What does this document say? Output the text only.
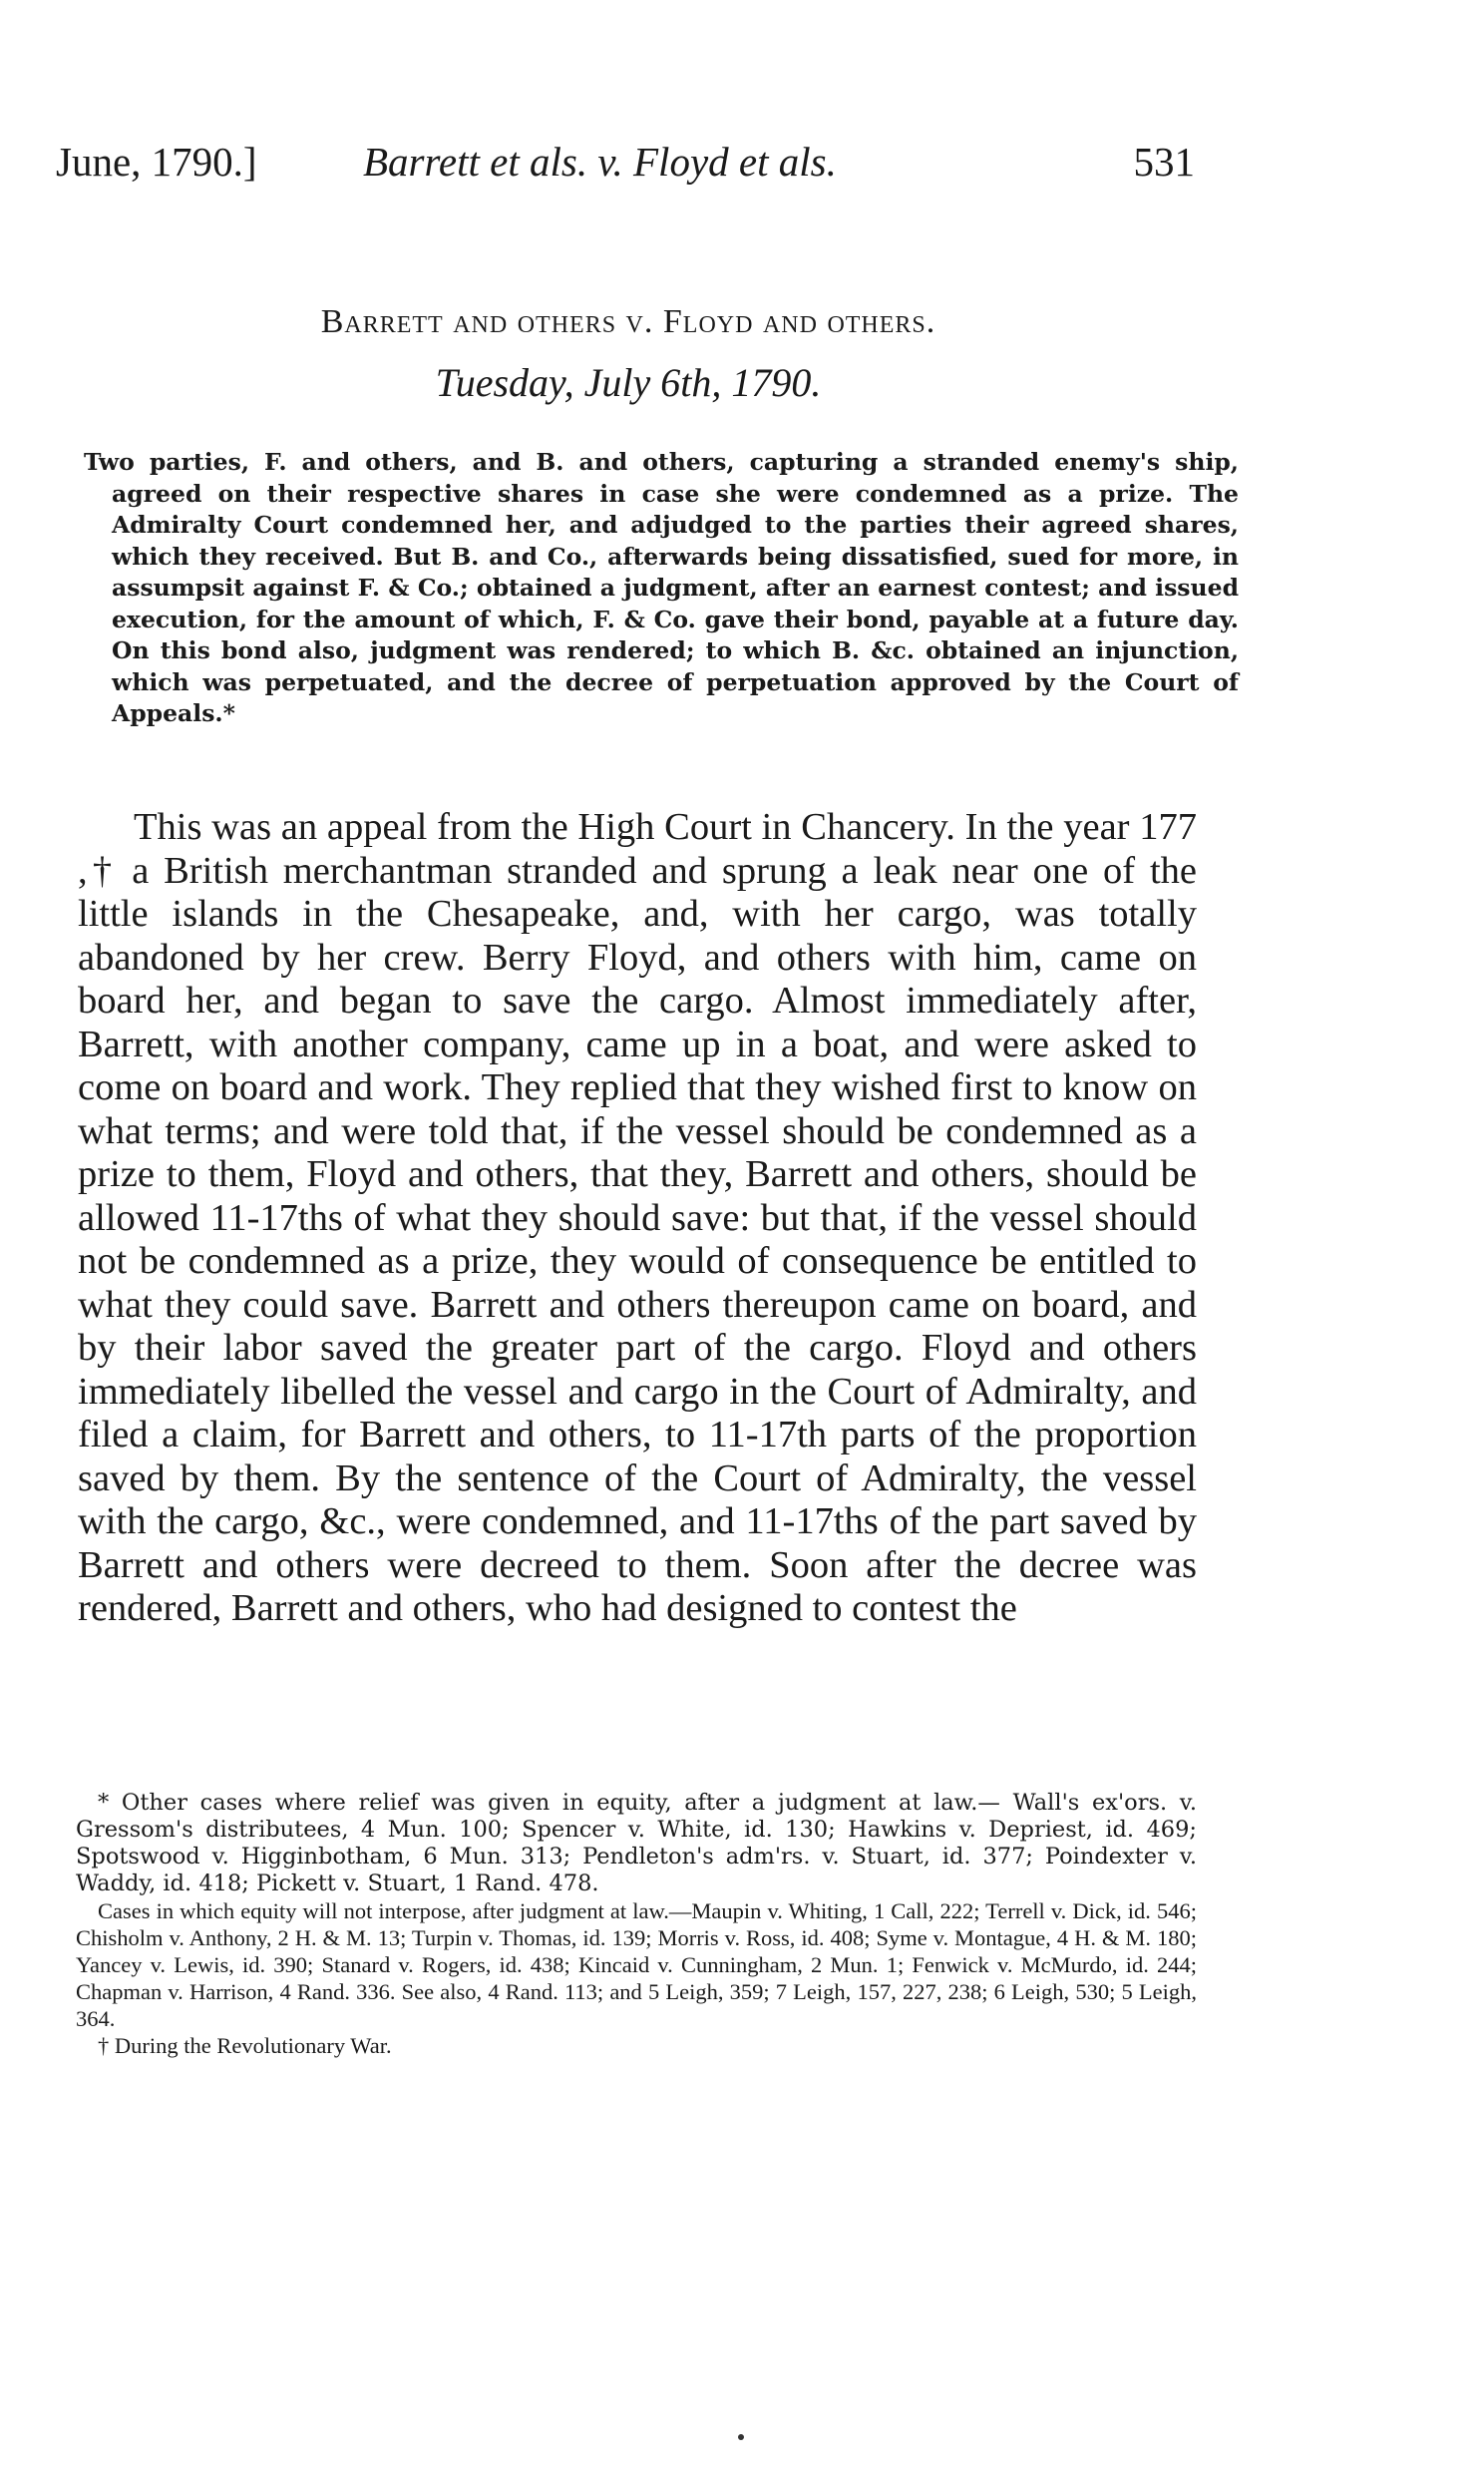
June, 1790.]	Barrett et als. v. Floyd et als.	531
Barrett and others v. Floyd and others.
Tuesday, July 6th, 1790.
Two parties, F. and others, and B. and others, capturing a stranded enemy's ship, agreed on their respective shares in case she were condemned as a prize. The Admiralty Court condemned her, and adjudged to the parties their agreed shares, which they received. But B. and Co., afterwards being dissatisfied, sued for more, in assumpsit against F. & Co.; obtained a judgment, after an earnest contest; and issued execution, for the amount of which, F. & Co. gave their bond, payable at a future day. On this bond also, judgment was rendered; to which B. &c. obtained an injunction, which was perpetuated, and the decree of perpetuation approved by the Court of Appeals.*
This was an appeal from the High Court in Chancery. In the year 177 ,† a British merchantman stranded and sprung a leak near one of the little islands in the Chesapeake, and, with her cargo, was totally abandoned by her crew. Berry Floyd, and others with him, came on board her, and began to save the cargo. Almost immediately after, Barrett, with another company, came up in a boat, and were asked to come on board and work. They replied that they wished first to know on what terms; and were told that, if the vessel should be condemned as a prize to them, Floyd and others, that they, Barrett and others, should be allowed 11-17ths of what they should save: but that, if the vessel should not be condemned as a prize, they would of consequence be entitled to what they could save. Barrett and others thereupon came on board, and by their labor saved the greater part of the cargo. Floyd and others immediately libelled the vessel and cargo in the Court of Admiralty, and filed a claim, for Barrett and others, to 11-17th parts of the proportion saved by them. By the sentence of the Court of Admiralty, the vessel with the cargo, &c., were condemned, and 11-17ths of the part saved by Barrett and others were decreed to them. Soon after the decree was rendered, Barrett and others, who had designed to contest the

* Other cases where relief was given in equity, after a judgment at law.— Wall's ex'ors. v. Gressom's distributees, 4 Mun. 100; Spencer v. White, id. 130; Hawkins v. Depriest, id. 469; Spotswood v. Higginbotham, 6 Mun. 313; Pendleton's adm'rs. v. Stuart, id. 377; Poindexter v. Waddy, id. 418; Pickett v. Stuart, 1 Rand. 478.

Cases in which equity will not interpose, after judgment at law.—Maupin v. Whiting, 1 Call, 222; Terrell v. Dick, id. 546; Chisholm v. Anthony, 2 H. & M. 13; Turpin v. Thomas, id. 139; Morris v. Ross, id. 408; Syme v. Montague, 4 H. & M. 180; Yancey v. Lewis, id. 390; Stanard v. Rogers, id. 438; Kincaid v. Cunningham, 2 Mun. 1; Fenwick v. McMurdo, id. 244; Chapman v. Harrison, 4 Rand. 336. See also, 4 Rand. 113; and 5 Leigh, 359; 7 Leigh, 157, 227, 238; 6 Leigh, 530; 5 Leigh, 364.

† During the Revolutionary War.
